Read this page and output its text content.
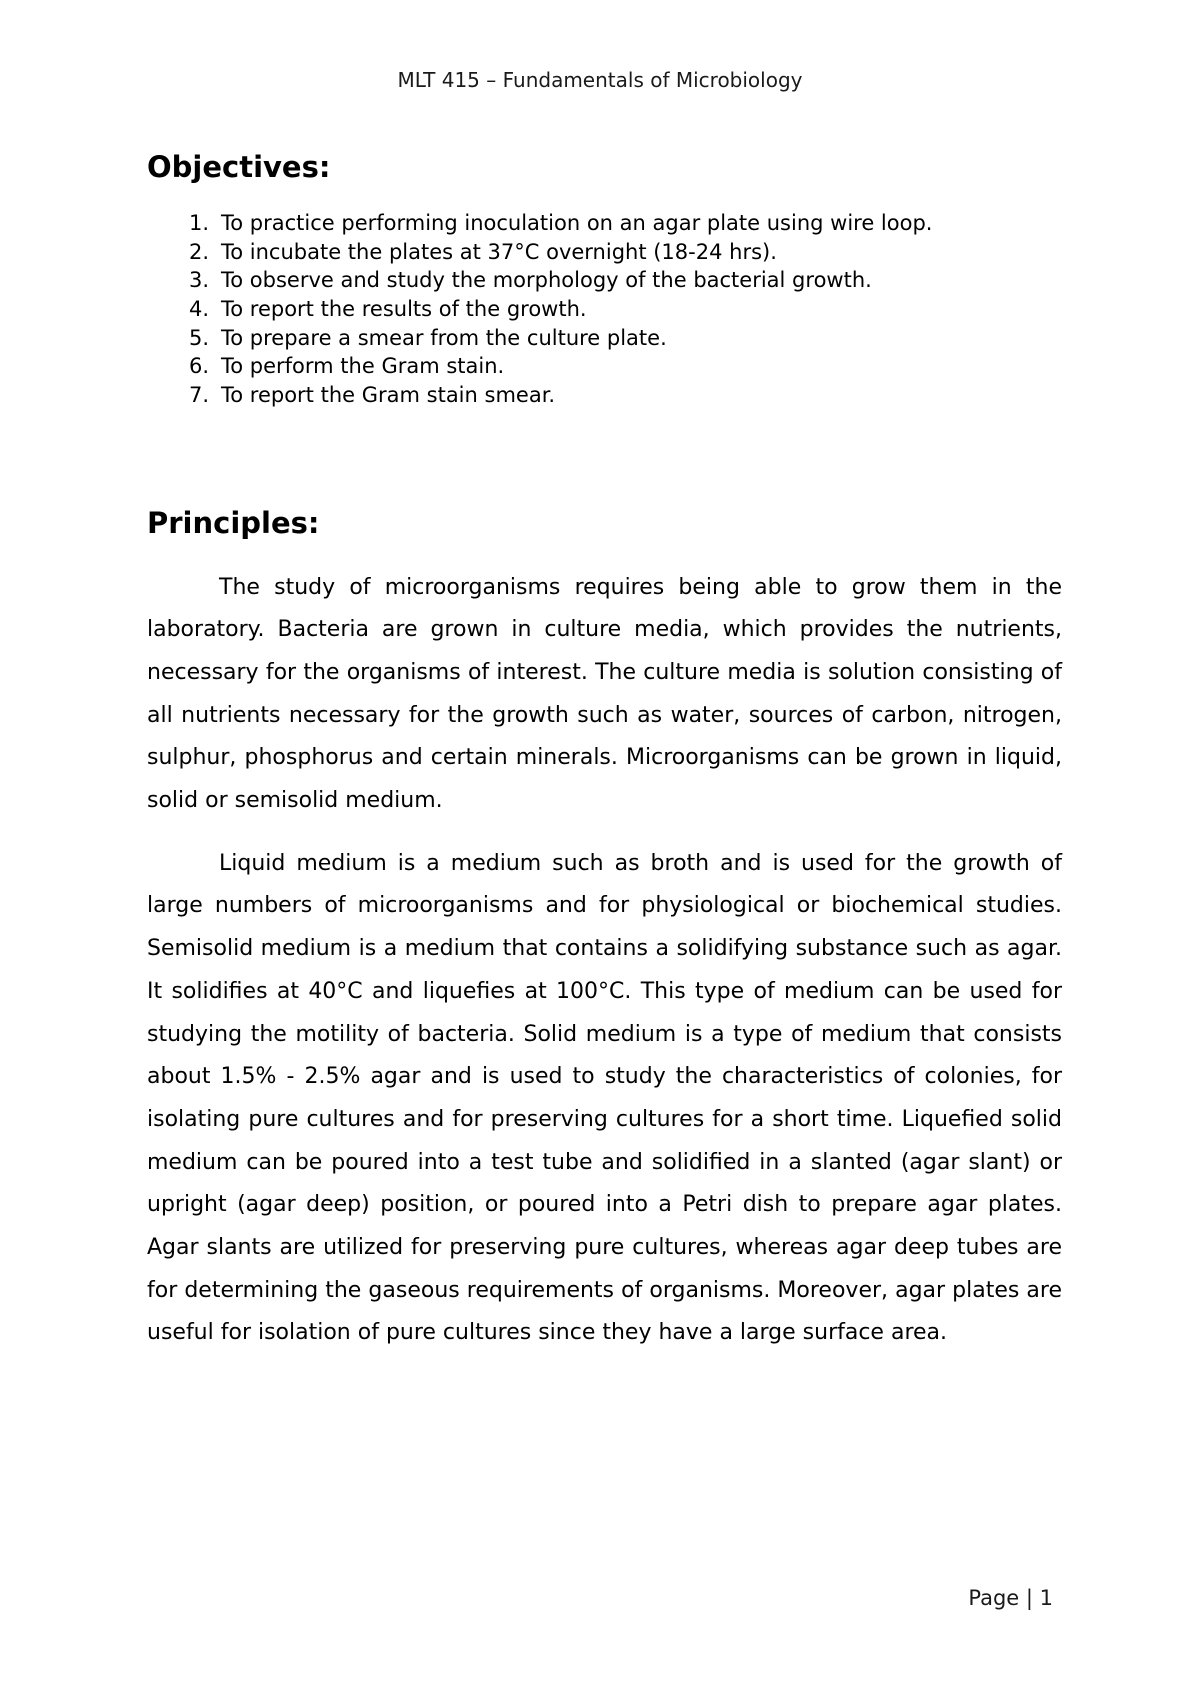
MLT 415 – Fundamentals of Microbiology
Objectives:
1. To practice performing inoculation on an agar plate using wire loop.
2. To incubate the plates at 37°C overnight (18-24 hrs).
3. To observe and study the morphology of the bacterial growth.
4. To report the results of the growth.
5. To prepare a smear from the culture plate.
6. To perform the Gram stain.
7. To report the Gram stain smear.
Principles:

The study of microorganisms requires being able to grow them in the laboratory. Bacteria are grown in culture media, which provides the nutrients, necessary for the organisms of interest. The culture media is solution consisting of all nutrients necessary for the growth such as water, sources of carbon, nitrogen, sulphur, phosphorus and certain minerals. Microorganisms can be grown in liquid, solid or semisolid medium.

Liquid medium is a medium such as broth and is used for the growth of large numbers of microorganisms and for physiological or biochemical studies. Semisolid medium is a medium that contains a solidifying substance such as agar. It solidifies at 40°C and liquefies at 100°C. This type of medium can be used for studying the motility of bacteria. Solid medium is a type of medium that consists about 1.5% - 2.5% agar and is used to study the characteristics of colonies, for isolating pure cultures and for preserving cultures for a short time. Liquefied solid medium can be poured into a test tube and solidified in a slanted (agar slant) or upright (agar deep) position, or poured into a Petri dish to prepare agar plates. Agar slants are utilized for preserving pure cultures, whereas agar deep tubes are for determining the gaseous requirements of organisms. Moreover, agar plates are useful for isolation of pure cultures since they have a large surface area.

Page | 1
